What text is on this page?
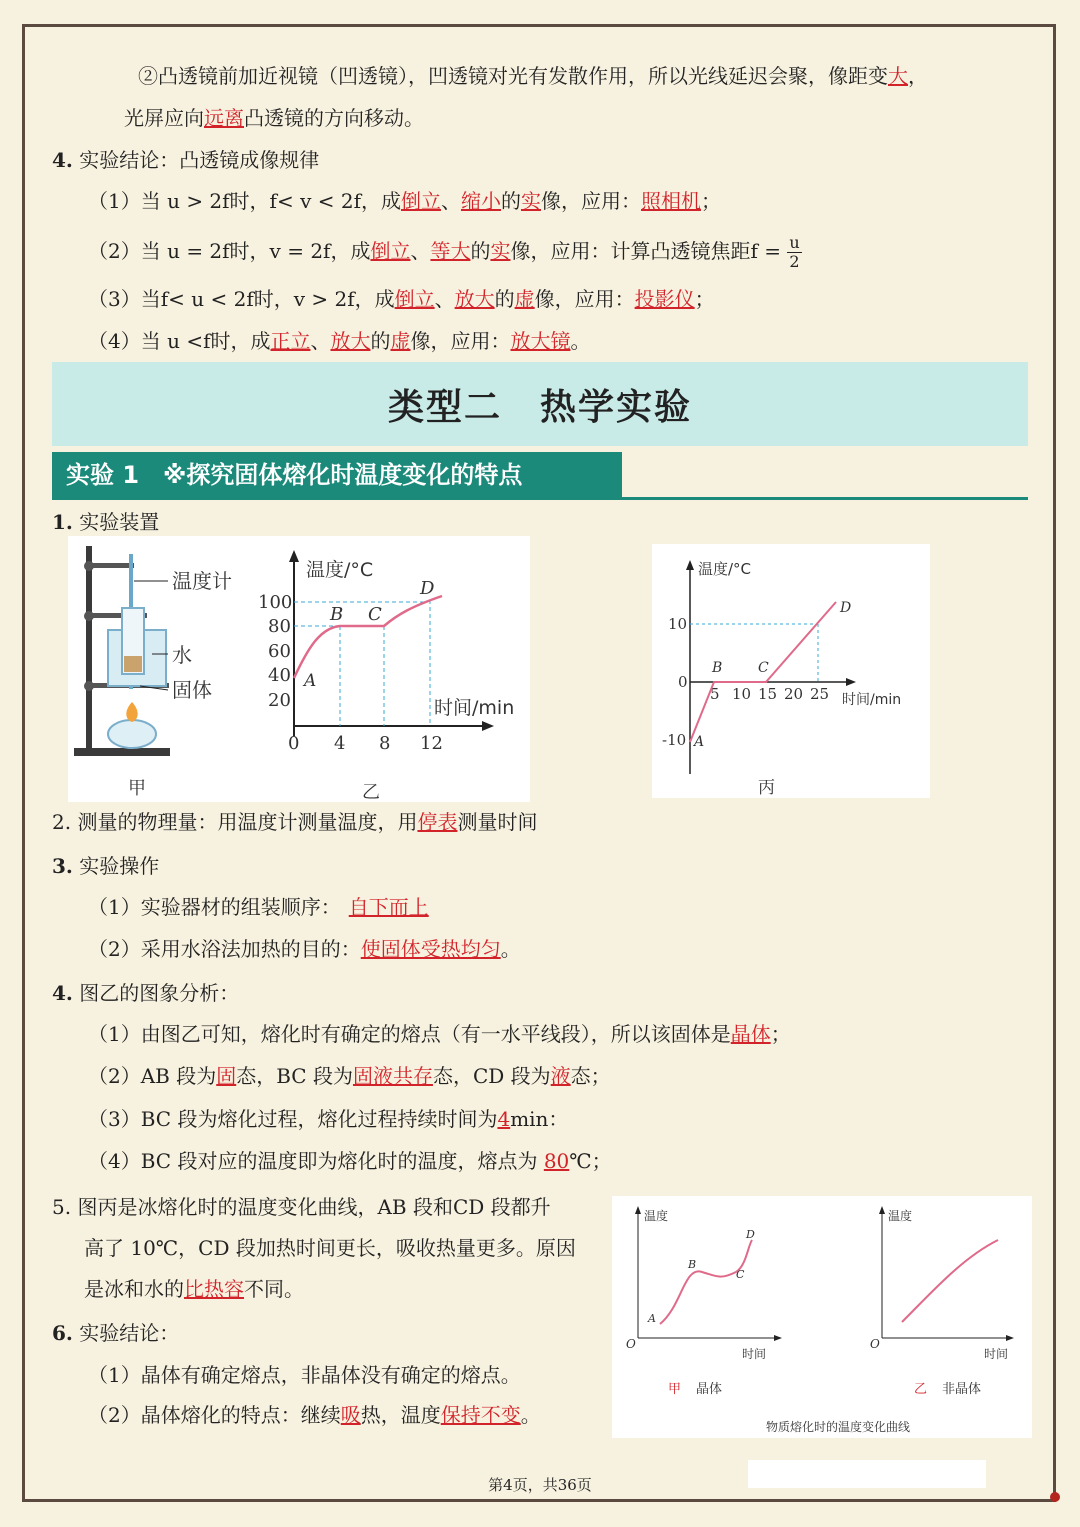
②凸透镜前加近视镜（凹透镜），凹透镜对光有发散作用，所以光线延迟会聚，像距变大，
光屏应向远离凸透镜的方向移动。
4. 实验结论：凸透镜成像规律
（1）当 u > 2f时，f< v < 2f，成倒立、缩小的实像，应用：照相机；
（2）当 u = 2f时，v = 2f，成倒立、等大的实像，应用：计算凸透镜焦距$f = \frac{u}{2}$
（3）当f< u < 2f时，v > 2f，成倒立、放大的虚像，应用：投影仪；
（4）当 u <f时，成正立、放大的虚像，应用：放大镜。
类型二　热学实验
实验 1　※探究固体熔化时温度变化的特点
1. 实验装置
温度计
水
固体
甲
温度/°C
时间/min
100
80
60
40
20
0 4 8 12
A
B C
D
乙
温度/°C
时间/min
10
0
-10
5 10 15 20 25
A
B	C
D
丙
2. 测量的物理量：用温度计测量温度，用停表测量时间
3. 实验操作
（1）实验器材的组装顺序： 自下而上
（2）采用水浴法加热的目的：使固体受热均匀。
4. 图乙的图象分析：
（1）由图乙可知，熔化时有确定的熔点（有一水平线段），所以该固体是晶体；
（2）AB 段为固态，BC 段为固液共存态，CD 段为液态；
（3）BC 段为熔化过程，熔化过程持续时间为4min：
（4）BC 段对应的温度即为熔化时的温度，熔点为 80℃；
5. 图丙是冰熔化时的温度变化曲线，AB 段和CD 段都升
高了 10℃，CD 段加热时间更长，吸收热量更多。原因
是冰和水的比热容不同。
6. 实验结论：
（1）晶体有确定熔点，非晶体没有确定的熔点。
（2）晶体熔化的特点：继续吸热，温度保持不变。
温度
时间
O
A
B
C
D
甲 晶体
温度
时间
O
乙 非晶体
物质熔化时的温度变化曲线
第4页，共36页
